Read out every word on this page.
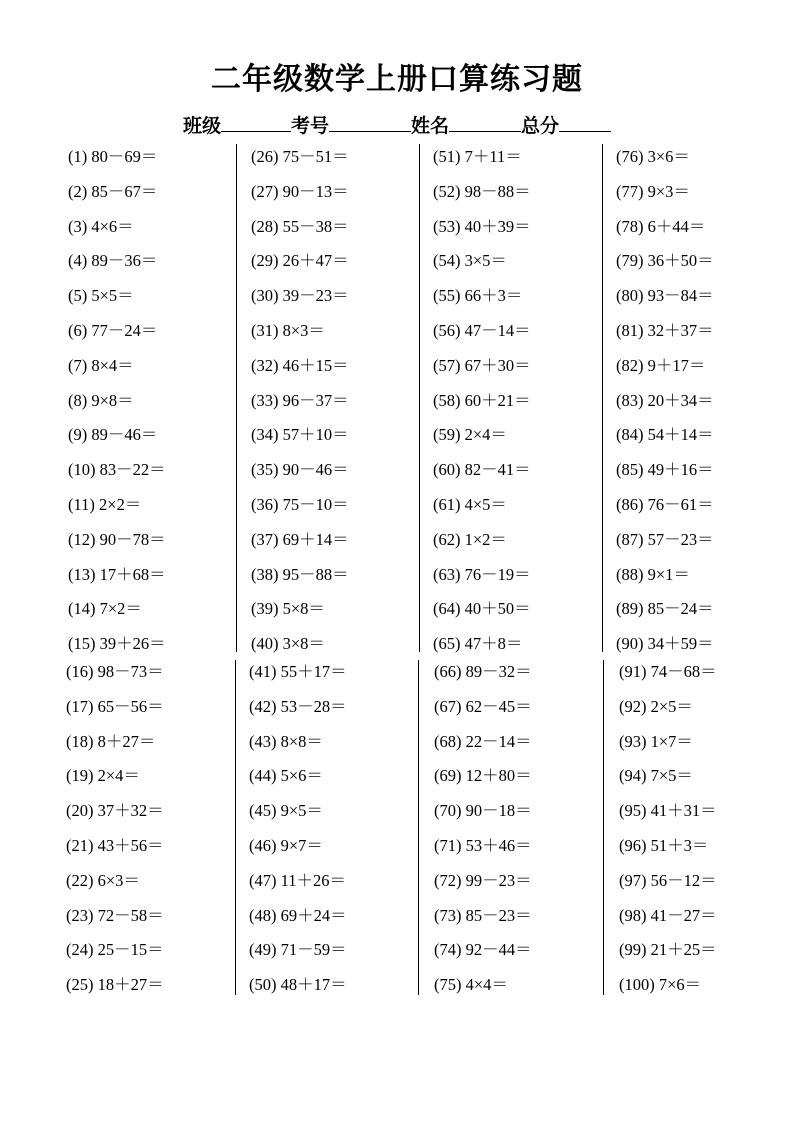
二年级数学上册口算练习题
班级	考号	姓名	总分
(1) 80－69＝
(2) 85－67＝
(3) 4×6＝
(4) 89－36＝
(5) 5×5＝
(6) 77－24＝
(7) 8×4＝
(8) 9×8＝
(9) 89－46＝
(10) 83－22＝
(11) 2×2＝
(12) 90－78＝
(13) 17＋68＝
(14) 7×2＝
(15) 39＋26＝
(16) 98－73＝
(17) 65－56＝
(18) 8＋27＝
(19) 2×4＝
(20) 37＋32＝
(21) 43＋56＝
(22) 6×3＝
(23) 72－58＝
(24) 25－15＝
(25) 18＋27＝
(26) 75－51＝
(27) 90－13＝
(28) 55－38＝
(29) 26＋47＝
(30) 39－23＝
(31) 8×3＝
(32) 46＋15＝
(33) 96－37＝
(34) 57＋10＝
(35) 90－46＝
(36) 75－10＝
(37) 69＋14＝
(38) 95－88＝
(39) 5×8＝
(40) 3×8＝
(41) 55＋17＝
(42) 53－28＝
(43) 8×8＝
(44) 5×6＝
(45) 9×5＝
(46) 9×7＝
(47) 11＋26＝
(48) 69＋24＝
(49) 71－59＝
(50) 48＋17＝
(51) 7＋11＝
(52) 98－88＝
(53) 40＋39＝
(54) 3×5＝
(55) 66＋3＝
(56) 47－14＝
(57) 67＋30＝
(58) 60＋21＝
(59) 2×4＝
(60) 82－41＝
(61) 4×5＝
(62) 1×2＝
(63) 76－19＝
(64) 40＋50＝
(65) 47＋8＝
(66) 89－32＝
(67) 62－45＝
(68) 22－14＝
(69) 12＋80＝
(70) 90－18＝
(71) 53＋46＝
(72) 99－23＝
(73) 85－23＝
(74) 92－44＝
(75) 4×4＝
(76) 3×6＝
(77) 9×3＝
(78) 6＋44＝
(79) 36＋50＝
(80) 93－84＝
(81) 32＋37＝
(82) 9＋17＝
(83) 20＋34＝
(84) 54＋14＝
(85) 49＋16＝
(86) 76－61＝
(87) 57－23＝
(88) 9×1＝
(89) 85－24＝
(90) 34＋59＝
(91) 74－68＝
(92) 2×5＝
(93) 1×7＝
(94) 7×5＝
(95) 41＋31＝
(96) 51＋3＝
(97) 56－12＝
(98) 41－27＝
(99) 21＋25＝
(100) 7×6＝
